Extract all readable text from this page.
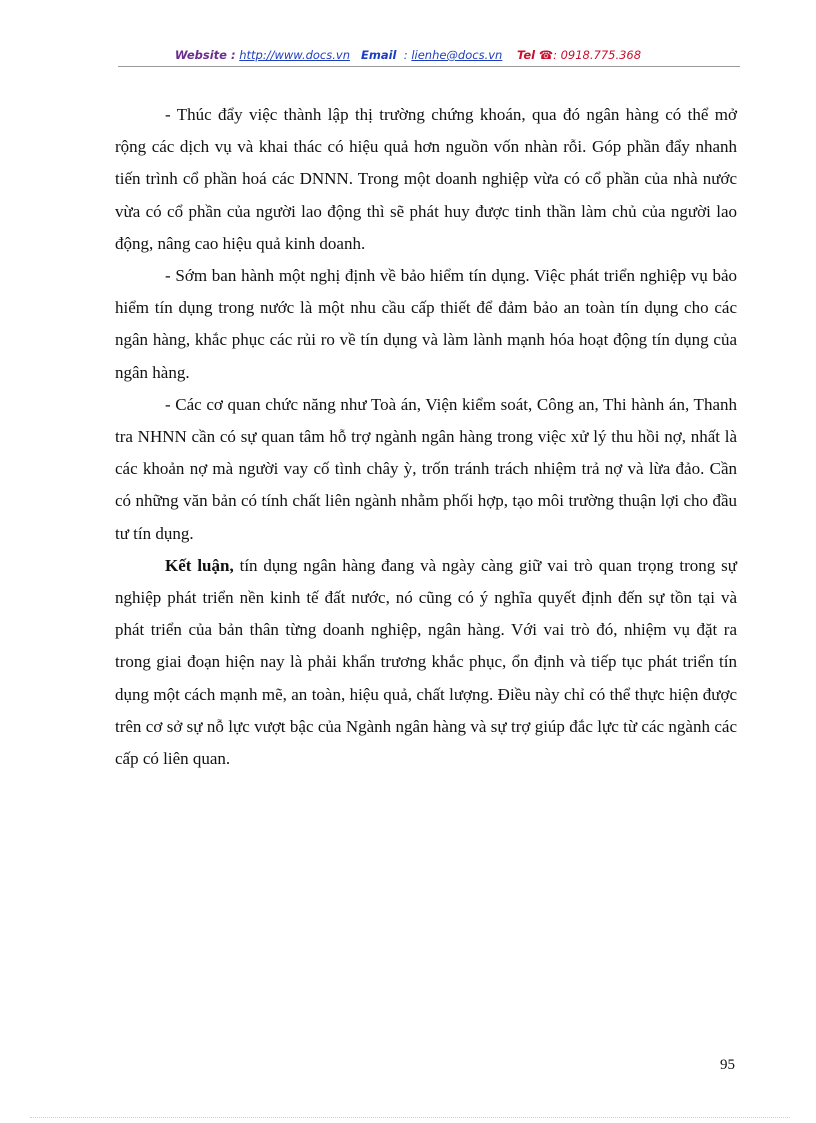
Website : http://www.docs.vn Email : lienhe@docs.vn Tel ☎: 0918.775.368

- Thúc đẩy việc thành lập thị trường chứng khoán, qua đó ngân hàng có thể mở rộng các dịch vụ và khai thác có hiệu quả hơn nguồn vốn nhàn rỗi. Góp phần đẩy nhanh tiến trình cổ phần hoá các DNNN. Trong một doanh nghiệp vừa có cổ phần của nhà nước vừa có cổ phần của người lao động thì sẽ phát huy được tinh thần làm chủ của người lao động, nâng cao hiệu quả kinh doanh.

- Sớm ban hành một nghị định về bảo hiểm tín dụng. Việc phát triển nghiệp vụ bảo hiểm tín dụng trong nước là một nhu cầu cấp thiết để đảm bảo an toàn tín dụng cho các ngân hàng, khắc phục các rủi ro về tín dụng và làm lành mạnh hóa hoạt động tín dụng của ngân hàng.

- Các cơ quan chức năng như Toà án, Viện kiểm soát, Công an, Thi hành án, Thanh tra NHNN cần có sự quan tâm hỗ trợ ngành ngân hàng trong việc xử lý thu hồi nợ, nhất là các khoản nợ mà người vay cố tình chây ỳ, trốn tránh trách nhiệm trả nợ và lừa đảo. Cần có những văn bản có tính chất liên ngành nhằm phối hợp, tạo môi trường thuận lợi cho đầu tư tín dụng.

Kết luận, tín dụng ngân hàng đang và ngày càng giữ vai trò quan trọng trong sự nghiệp phát triển nền kinh tế đất nước, nó cũng có ý nghĩa quyết định đến sự tồn tại và phát triển của bản thân từng doanh nghiệp, ngân hàng. Với vai trò đó, nhiệm vụ đặt ra trong giai đoạn hiện nay là phải khẩn trương khắc phục, ổn định và tiếp tục phát triển tín dụng một cách mạnh mẽ, an toàn, hiệu quả, chất lượng. Điều này chỉ có thể thực hiện được trên cơ sở sự nỗ lực vượt bậc của Ngành ngân hàng và sự trợ giúp đắc lực từ các ngành các cấp có liên quan.

95
